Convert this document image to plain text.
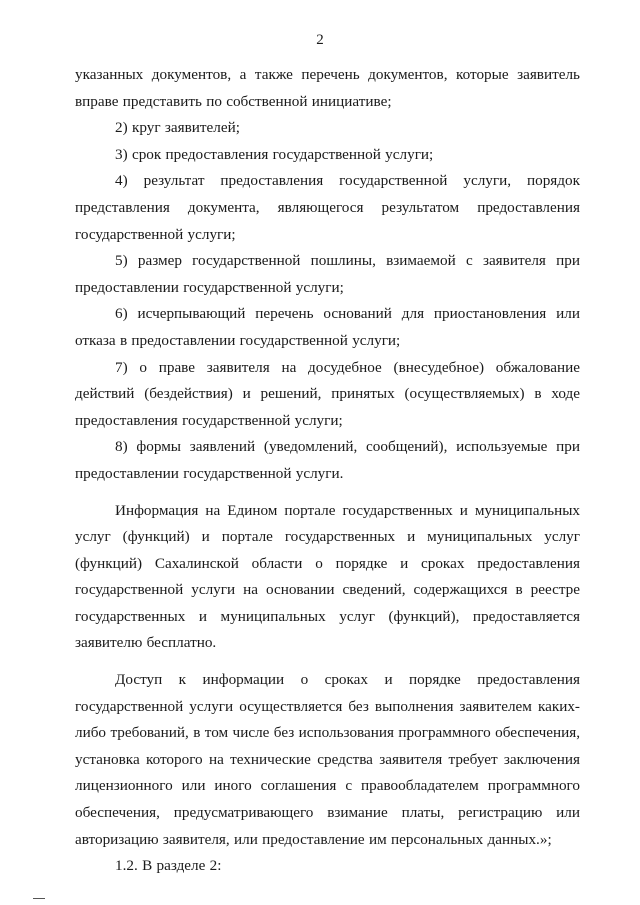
2

указанных документов, а также перечень документов, которые заявитель вправе представить по собственной инициативе;

2) круг заявителей;

3) срок предоставления государственной услуги;

4) результат предоставления государственной услуги, порядок представления документа, являющегося результатом предоставления государственной услуги;

5) размер государственной пошлины, взимаемой с заявителя при предоставлении государственной услуги;

6) исчерпывающий перечень оснований для приостановления или отказа в предоставлении государственной услуги;

7) о праве заявителя на досудебное (внесудебное) обжалование действий (бездействия) и решений, принятых (осуществляемых) в ходе предоставления государственной услуги;

8) формы заявлений (уведомлений, сообщений), используемые при предоставлении государственной услуги.

Информация на Едином портале государственных и муниципальных услуг (функций) и портале государственных и муниципальных услуг (функций) Сахалинской области о порядке и сроках предоставления государственной услуги на основании сведений, содержащихся в реестре государственных и муниципальных услуг (функций), предоставляется заявителю бесплатно.

Доступ к информации о сроках и порядке предоставления государственной услуги осуществляется без выполнения заявителем каких-либо требований, в том числе без использования программного обеспечения, установка которого на технические средства заявителя требует заключения лицензионного или иного соглашения с правообладателем программного обеспечения, предусматривающего взимание платы, регистрацию или авторизацию заявителя, или предоставление им персональных данных.»;

1.2. В разделе 2:
